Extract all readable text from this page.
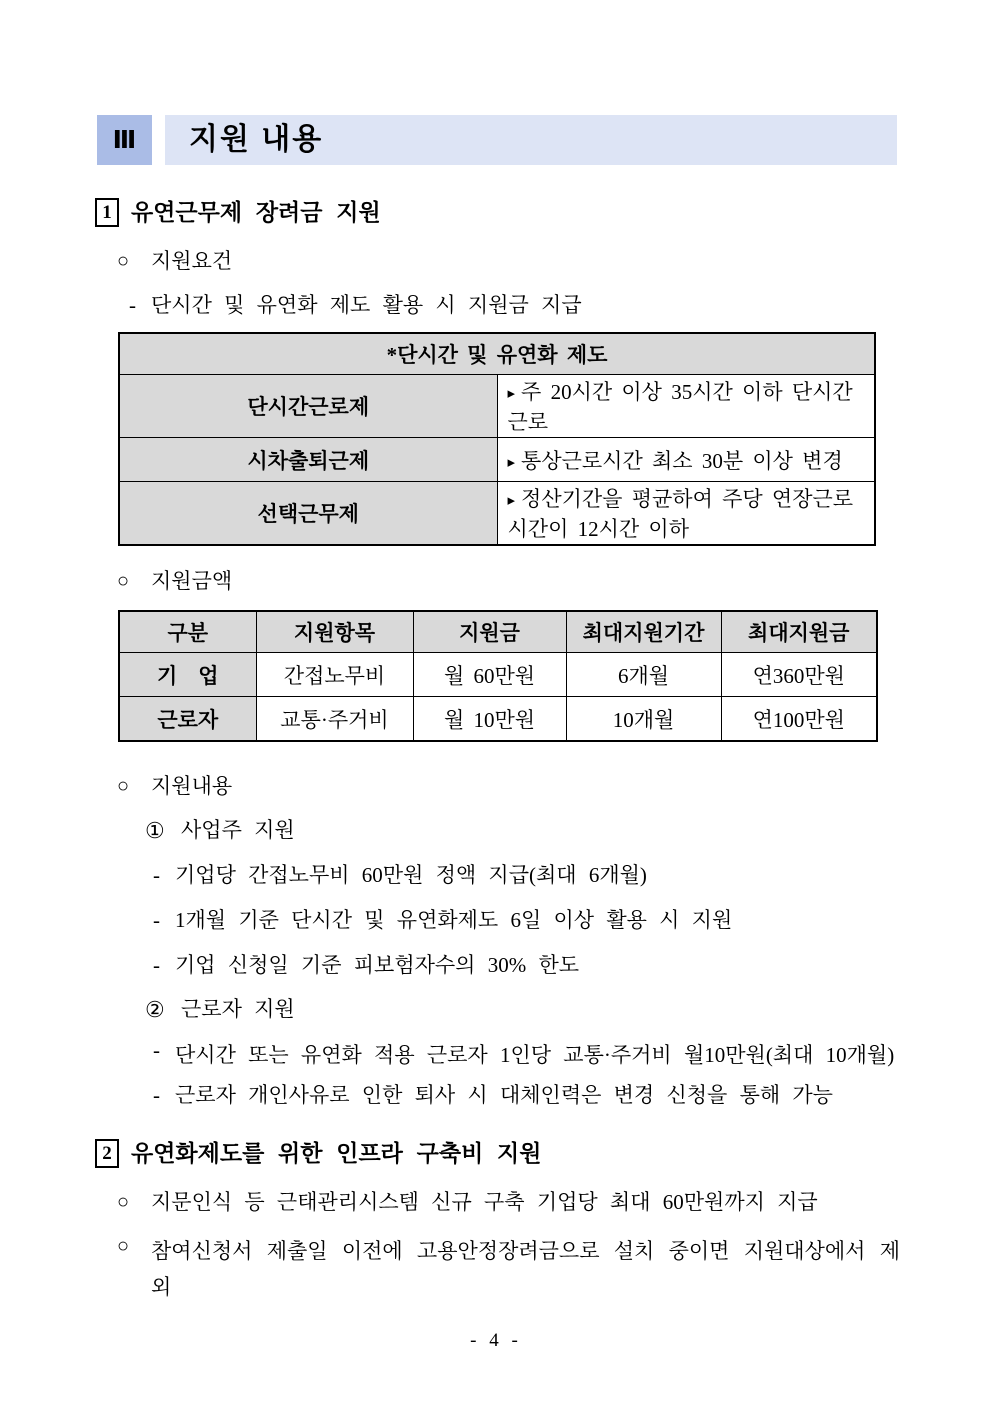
Ⅲ	지원 내용
1 유연근무제 장려금 지원
○	지원요건
- 단시간 및 유연화 제도 활용 시 지원금 지급
*단시간 및 유연화 제도	
단시간근로제	▸ 주 20시간 이상 35시간 이하 단시간 근로
시차출퇴근제	▸ 통상근로시간 최소 30분 이상 변경
선택근무제	▸ 정산기간을 평균하여 주당 연장근로시간이 12시간 이하
○	지원금액
구분	지원항목	지원금	최대지원기간	최대지원금
기　업	간접노무비	월 60만원	6개월	연360만원
근로자	교통·주거비	월 10만원	10개월	연100만원
○	지원내용
① 사업주 지원
- 기업당 간접노무비 60만원 정액 지급(최대 6개월)
- 1개월 기준 단시간 및 유연화제도 6일 이상 활용 시 지원
- 기업 신청일 기준 피보험자수의 30% 한도
② 근로자 지원
- 단시간 또는 유연화 적용 근로자 1인당 교통·주거비 월10만원(최대 10개월)
- 근로자 개인사유로 인한 퇴사 시 대체인력은 변경 신청을 통해 가능
2 유연화제도를 위한 인프라 구축비 지원
○	지문인식 등 근태관리시스템 신규 구축 기업당 최대 60만원까지 지급
○	참여신청서 제출일 이전에 고용안정장려금으로 설치 중이면 지원대상에서 제외
- 4 -
